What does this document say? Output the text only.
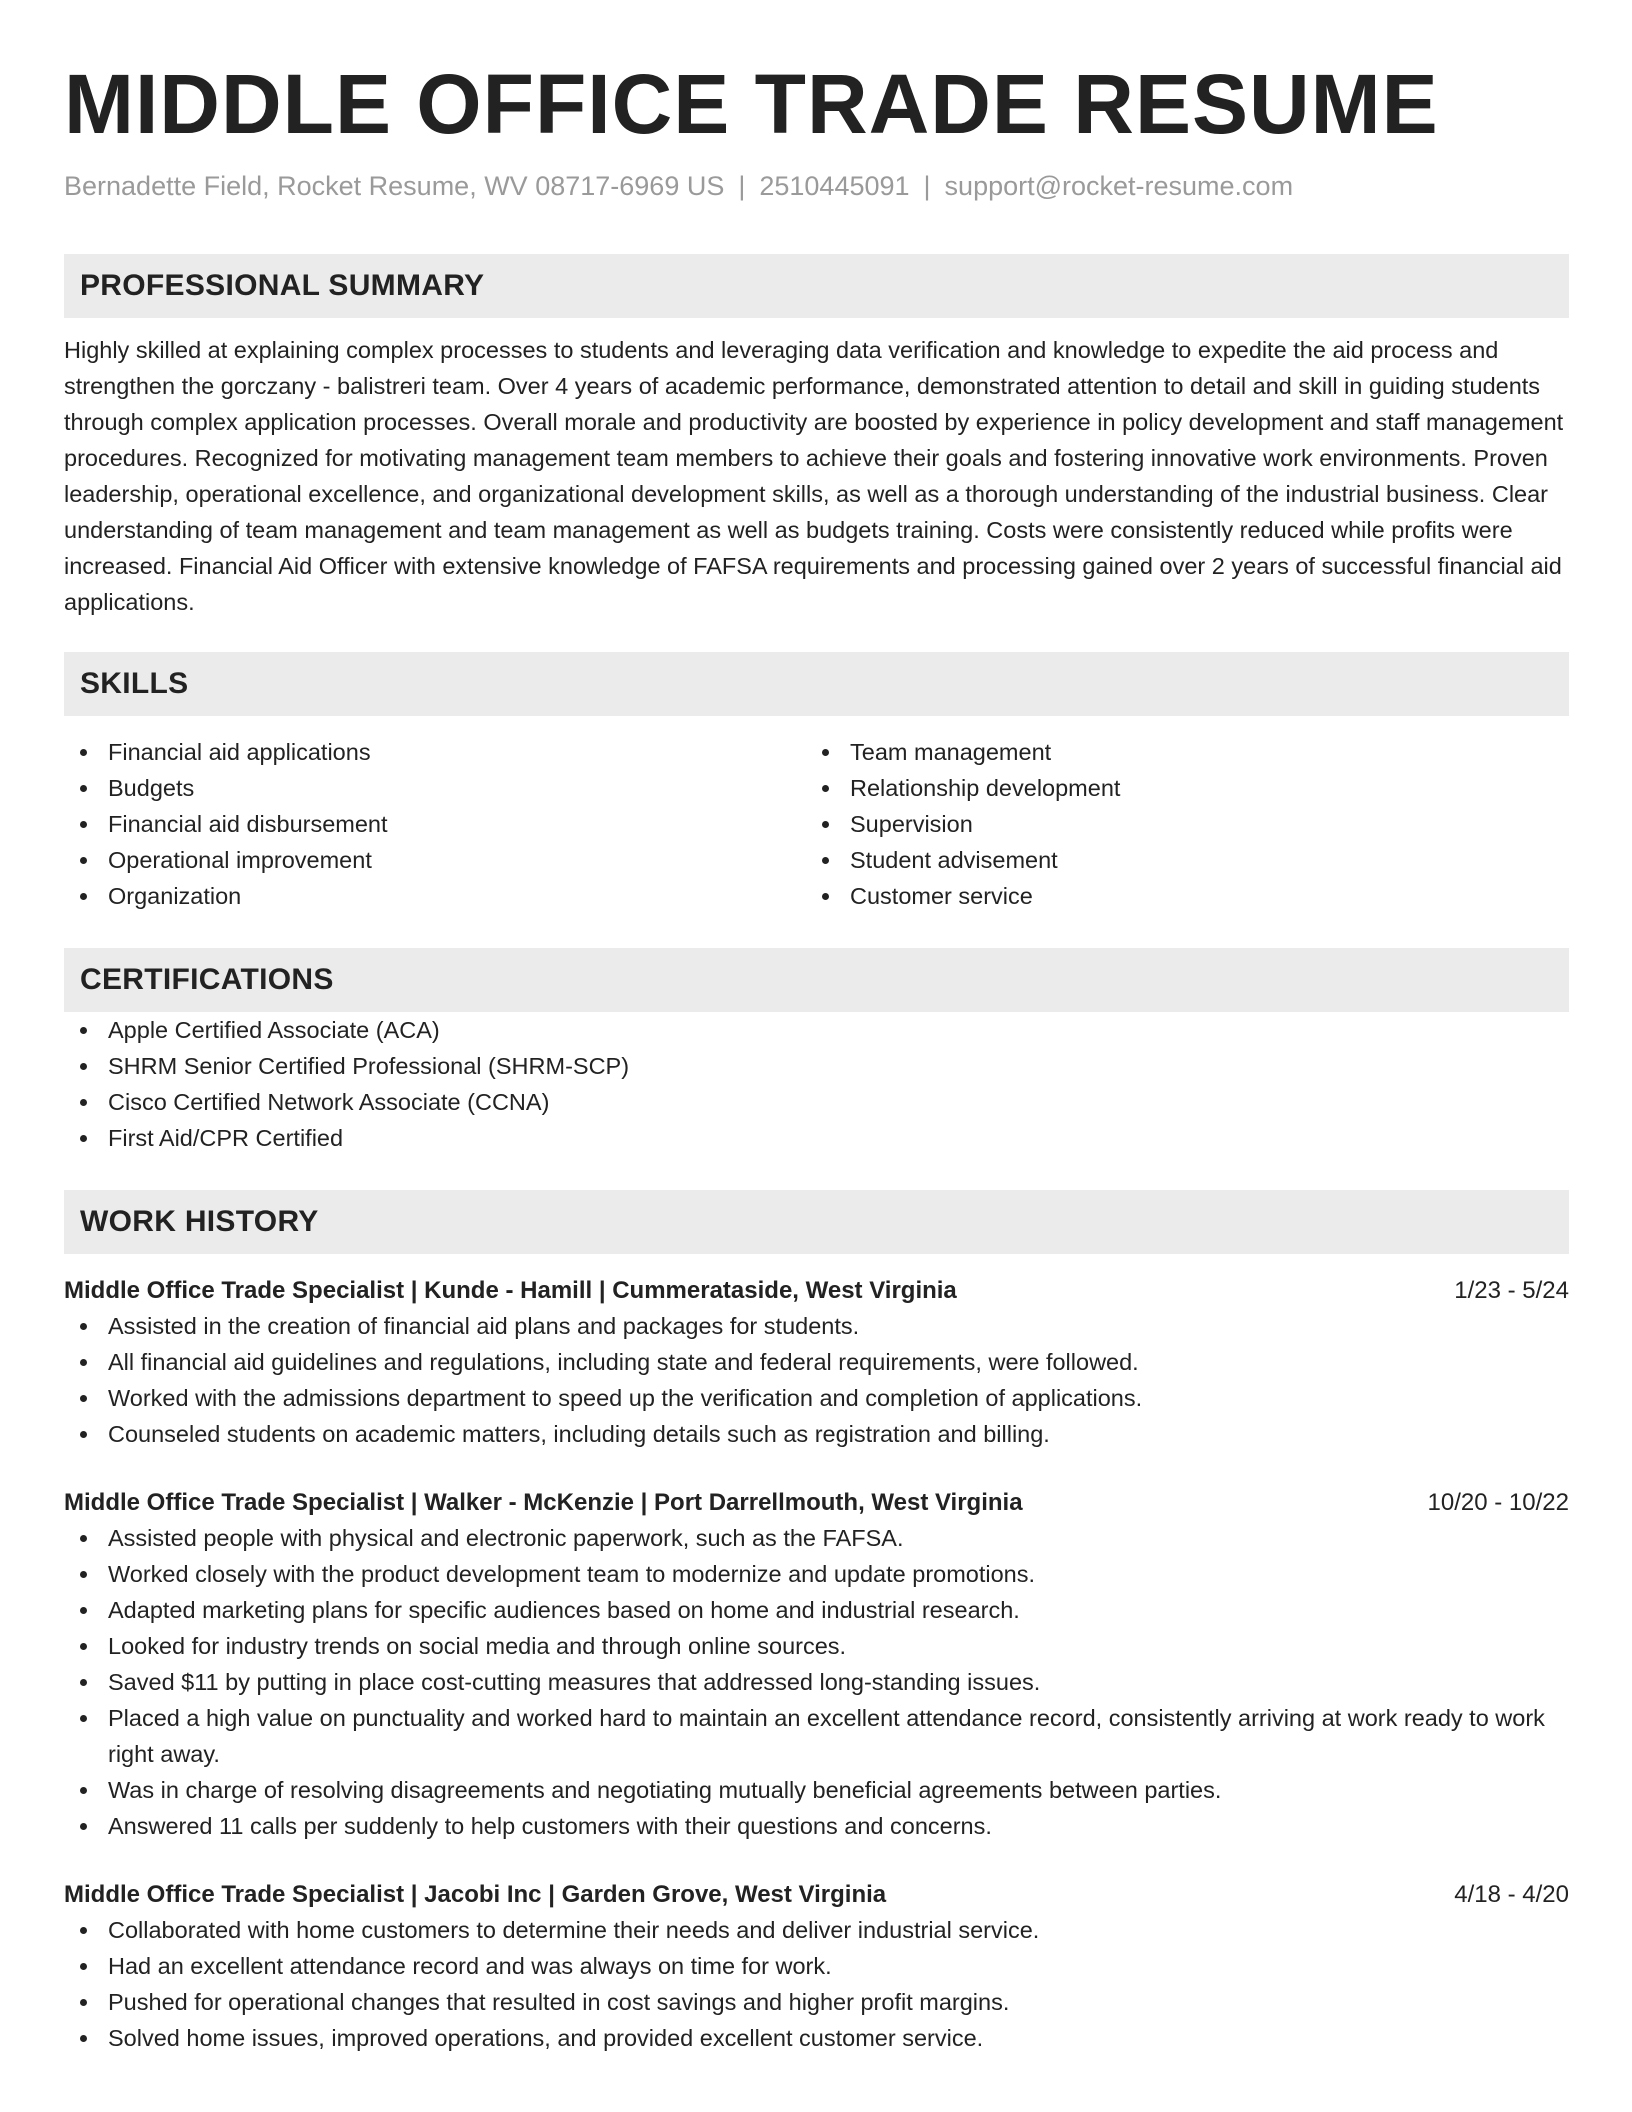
MIDDLE OFFICE TRADE RESUME
Bernadette Field, Rocket Resume, WV 08717-6969 US | 2510445091 | support@rocket-resume.com
PROFESSIONAL SUMMARY

Highly skilled at explaining complex processes to students and leveraging data verification and knowledge to expedite the aid process and strengthen the gorczany - balistreri team. Over 4 years of academic performance, demonstrated attention to detail and skill in guiding students through complex application processes. Overall morale and productivity are boosted by experience in policy development and staff management procedures. Recognized for motivating management team members to achieve their goals and fostering innovative work environments. Proven leadership, operational excellence, and organizational development skills, as well as a thorough understanding of the industrial business. Clear understanding of team management and team management as well as budgets training. Costs were consistently reduced while profits were increased. Financial Aid Officer with extensive knowledge of FAFSA requirements and processing gained over 2 years of successful financial aid applications.

SKILLS
Financial aid applications
Budgets
Financial aid disbursement
Operational improvement
Organization
Team management
Relationship development
Supervision
Student advisement
Customer service
CERTIFICATIONS
Apple Certified Associate (ACA)
SHRM Senior Certified Professional (SHRM-SCP)
Cisco Certified Network Associate (CCNA)
First Aid/CPR Certified
WORK HISTORY
Middle Office Trade Specialist | Kunde - Hamill | Cummerataside, West Virginia	1/23 - 5/24
Assisted in the creation of financial aid plans and packages for students.
All financial aid guidelines and regulations, including state and federal requirements, were followed.
Worked with the admissions department to speed up the verification and completion of applications.
Counseled students on academic matters, including details such as registration and billing.
Middle Office Trade Specialist | Walker - McKenzie | Port Darrellmouth, West Virginia	10/20 - 10/22
Assisted people with physical and electronic paperwork, such as the FAFSA.
Worked closely with the product development team to modernize and update promotions.
Adapted marketing plans for specific audiences based on home and industrial research.
Looked for industry trends on social media and through online sources.
Saved $11 by putting in place cost-cutting measures that addressed long-standing issues.
Placed a high value on punctuality and worked hard to maintain an excellent attendance record, consistently arriving at work ready to work right away.
Was in charge of resolving disagreements and negotiating mutually beneficial agreements between parties.
Answered 11 calls per suddenly to help customers with their questions and concerns.
Middle Office Trade Specialist | Jacobi Inc | Garden Grove, West Virginia	4/18 - 4/20
Collaborated with home customers to determine their needs and deliver industrial service.
Had an excellent attendance record and was always on time for work.
Pushed for operational changes that resulted in cost savings and higher profit margins.
Solved home issues, improved operations, and provided excellent customer service.
